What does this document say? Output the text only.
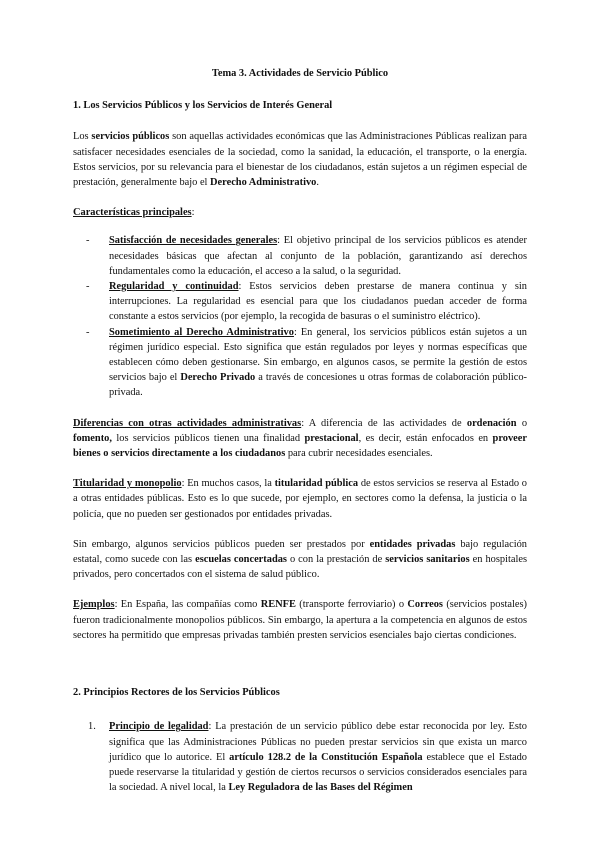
Tema 3. Actividades de Servicio Público
1. Los Servicios Públicos y los Servicios de Interés General

Los servicios públicos son aquellas actividades económicas que las Administraciones Públicas realizan para satisfacer necesidades esenciales de la sociedad, como la sanidad, la educación, el transporte, o la energía. Estos servicios, por su relevancia para el bienestar de los ciudadanos, están sujetos a un régimen especial de prestación, generalmente bajo el Derecho Administrativo.

Características principales:

- Satisfacción de necesidades generales: El objetivo principal de los servicios públicos es atender necesidades básicas que afectan al conjunto de la población, garantizando así derechos fundamentales como la educación, el acceso a la salud, o la seguridad.
- Regularidad y continuidad: Estos servicios deben prestarse de manera continua y sin interrupciones. La regularidad es esencial para que los ciudadanos puedan acceder de forma constante a estos servicios (por ejemplo, la recogida de basuras o el suministro eléctrico).
- Sometimiento al Derecho Administrativo: En general, los servicios públicos están sujetos a un régimen jurídico especial. Esto significa que están regulados por leyes y normas específicas que establecen cómo deben gestionarse. Sin embargo, en algunos casos, se permite la gestión de estos servicios bajo el Derecho Privado a través de concesiones u otras formas de colaboración público-privada.

Diferencias con otras actividades administrativas: A diferencia de las actividades de ordenación o fomento, los servicios públicos tienen una finalidad prestacional, es decir, están enfocados en proveer bienes o servicios directamente a los ciudadanos para cubrir necesidades esenciales.

Titularidad y monopolio: En muchos casos, la titularidad pública de estos servicios se reserva al Estado o a otras entidades públicas. Esto es lo que sucede, por ejemplo, en sectores como la defensa, la justicia o la policía, que no pueden ser gestionados por entidades privadas.

Sin embargo, algunos servicios públicos pueden ser prestados por entidades privadas bajo regulación estatal, como sucede con las escuelas concertadas o con la prestación de servicios sanitarios en hospitales privados, pero concertados con el sistema de salud público.

Ejemplos: En España, las compañías como RENFE (transporte ferroviario) o Correos (servicios postales) fueron tradicionalmente monopolios públicos. Sin embargo, la apertura a la competencia en algunos de estos sectores ha permitido que empresas privadas también presten servicios esenciales bajo ciertas condiciones.

2. Principios Rectores de los Servicios Públicos
1. Principio de legalidad: La prestación de un servicio público debe estar reconocida por ley. Esto significa que las Administraciones Públicas no pueden prestar servicios sin que exista un marco jurídico que lo autorice. El artículo 128.2 de la Constitución Española establece que el Estado puede reservarse la titularidad y gestión de ciertos recursos o servicios considerados esenciales para la sociedad. A nivel local, la Ley Reguladora de las Bases del Régimen
